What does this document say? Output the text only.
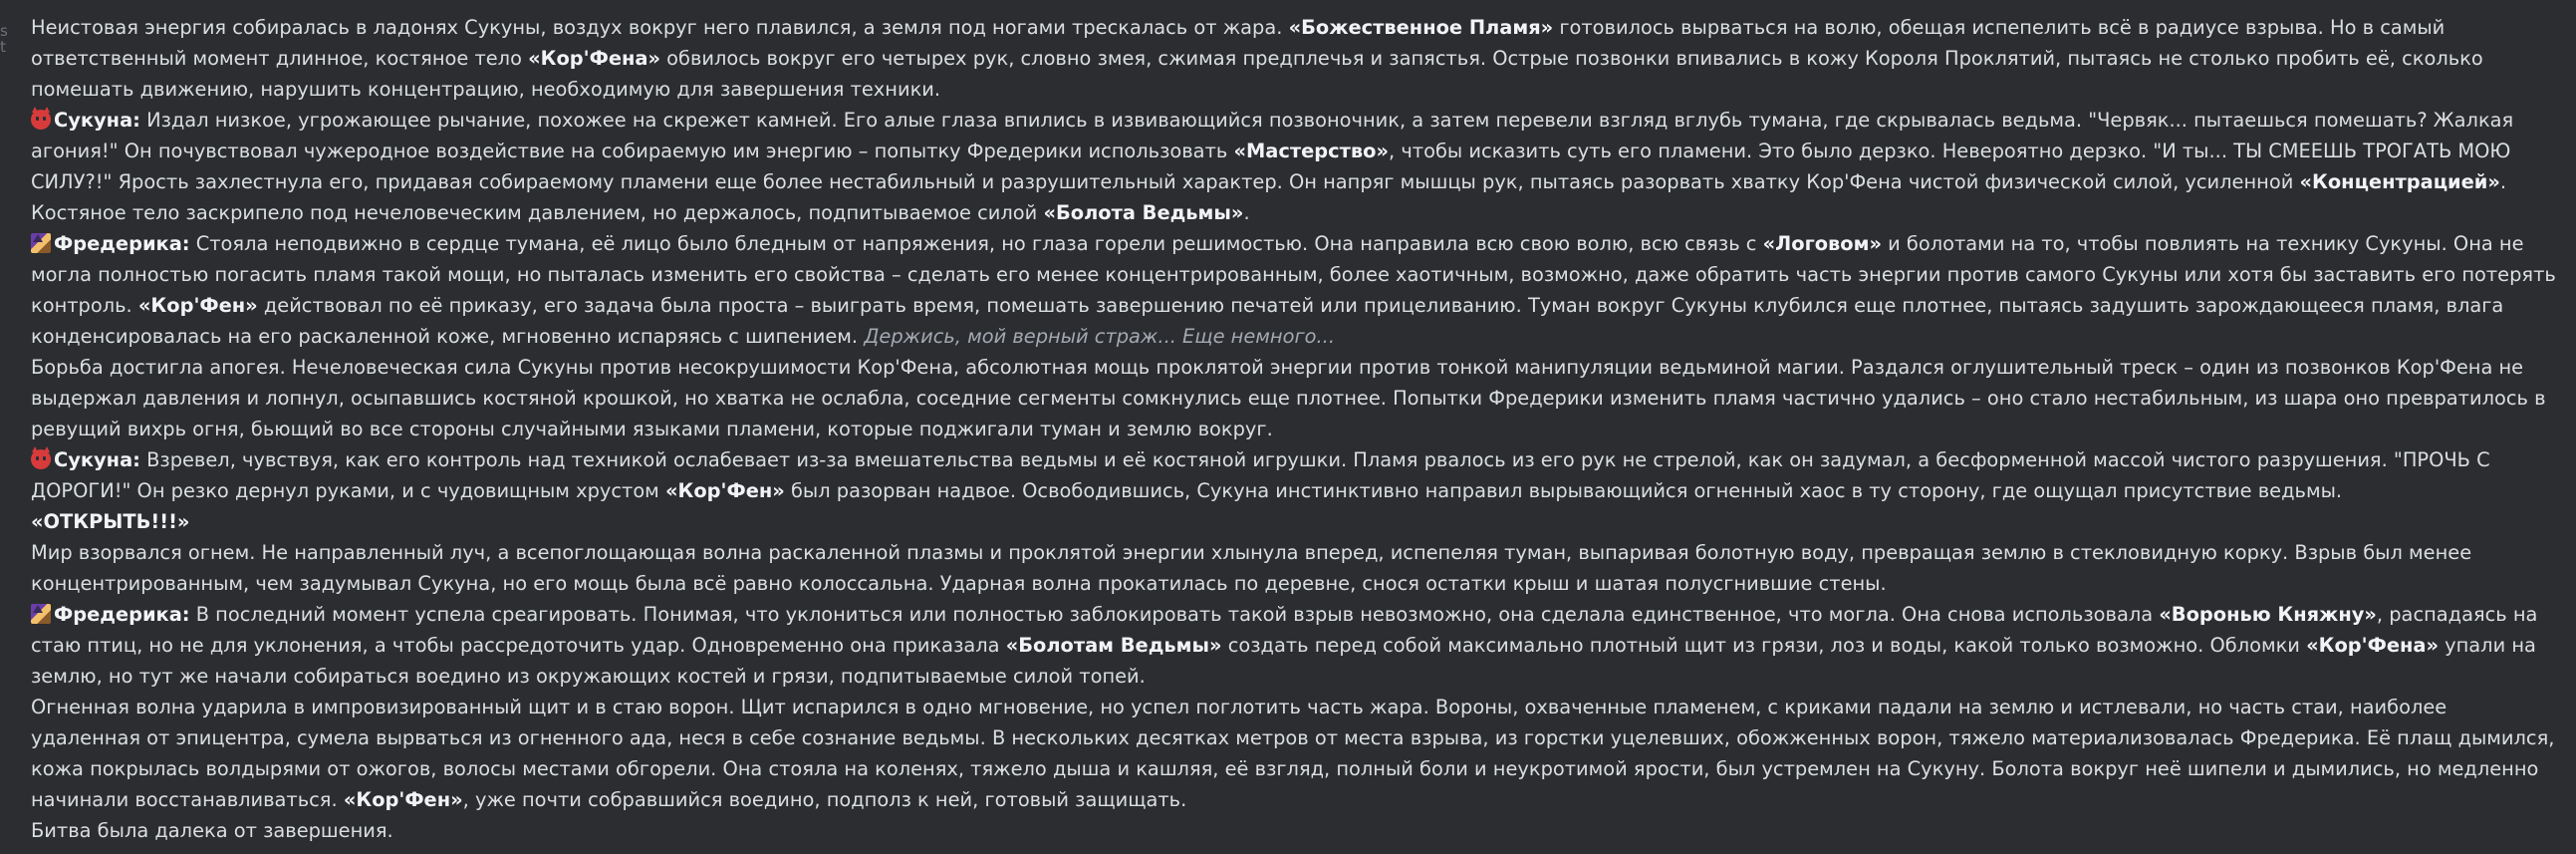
s
t

Неистовая энергия собиралась в ладонях Сукуны, воздух вокруг него плавился, а земля под ногами трескалась от жара. «Божественное Пламя» готовилось вырваться на волю, обещая испепелить всё в радиусе взрыва. Но в самый ответственный момент длинное, костяное тело «Кор'Фена» обвилось вокруг его четырех рук, словно змея, сжимая предплечья и запястья. Острые позвонки впивались в кожу Короля Проклятий, пытаясь не столько пробить её, сколько помешать движению, нарушить концентрацию, необходимую для завершения техники.

Сукуна: Издал низкое, угрожающее рычание, похожее на скрежет камней. Его алые глаза впились в извивающийся позвоночник, а затем перевели взгляд вглубь тумана, где скрывалась ведьма. "Червяк... пытаешься помешать? Жалкая агония!" Он почувствовал чужеродное воздействие на собираемую им энергию – попытку Фредерики использовать «Мастерство», чтобы исказить суть его пламени. Это было дерзко. Невероятно дерзко. "И ты... ТЫ СМЕЕШЬ ТРОГАТЬ МОЮ СИЛУ?!" Ярость захлестнула его, придавая собираемому пламени еще более нестабильный и разрушительный характер. Он напряг мышцы рук, пытаясь разорвать хватку Кор'Фена чистой физической силой, усиленной «Концентрацией». Костяное тело заскрипело под нечеловеческим давлением, но держалось, подпитываемое силой «Болота Ведьмы».

Фредерика: Стояла неподвижно в сердце тумана, её лицо было бледным от напряжения, но глаза горели решимостью. Она направила всю свою волю, всю связь с «Логовом» и болотами на то, чтобы повлиять на технику Сукуны. Она не могла полностью погасить пламя такой мощи, но пыталась изменить его свойства – сделать его менее концентрированным, более хаотичным, возможно, даже обратить часть энергии против самого Сукуны или хотя бы заставить его потерять контроль. «Кор'Фен» действовал по её приказу, его задача была проста – выиграть время, помешать завершению печатей или прицеливанию. Туман вокруг Сукуны клубился еще плотнее, пытаясь задушить зарождающееся пламя, влага конденсировалась на его раскаленной коже, мгновенно испаряясь с шипением. Держись, мой верный страж... Еще немного...

Борьба достигла апогея. Нечеловеческая сила Сукуны против несокрушимости Кор'Фена, абсолютная мощь проклятой энергии против тонкой манипуляции ведьминой магии. Раздался оглушительный треск – один из позвонков Кор'Фена не выдержал давления и лопнул, осыпавшись костяной крошкой, но хватка не ослабла, соседние сегменты сомкнулись еще плотнее. Попытки Фредерики изменить пламя частично удались – оно стало нестабильным, из шара оно превратилось в ревущий вихрь огня, бьющий во все стороны случайными языками пламени, которые поджигали туман и землю вокруг.

Сукуна: Взревел, чувствуя, как его контроль над техникой ослабевает из-за вмешательства ведьмы и её костяной игрушки. Пламя рвалось из его рук не стрелой, как он задумал, а бесформенной массой чистого разрушения. "ПРОЧЬ С ДОРОГИ!" Он резко дернул руками, и с чудовищным хрустом «Кор'Фен» был разорван надвое. Освободившись, Сукуна инстинктивно направил вырывающийся огненный хаос в ту сторону, где ощущал присутствие ведьмы.

«ОТКРЫТЬ!!!»

Мир взорвался огнем. Не направленный луч, а всепоглощающая волна раскаленной плазмы и проклятой энергии хлынула вперед, испепеляя туман, выпаривая болотную воду, превращая землю в стекловидную корку. Взрыв был менее концентрированным, чем задумывал Сукуна, но его мощь была всё равно колоссальна. Ударная волна прокатилась по деревне, снося остатки крыш и шатая полусгнившие стены.

Фредерика: В последний момент успела среагировать. Понимая, что уклониться или полностью заблокировать такой взрыв невозможно, она сделала единственное, что могла. Она снова использовала «Воронью Княжну», распадаясь на стаю птиц, но не для уклонения, а чтобы рассредоточить удар. Одновременно она приказала «Болотам Ведьмы» создать перед собой максимально плотный щит из грязи, лоз и воды, какой только возможно. Обломки «Кор'Фена» упали на землю, но тут же начали собираться воедино из окружающих костей и грязи, подпитываемые силой топей.

Огненная волна ударила в импровизированный щит и в стаю ворон. Щит испарился в одно мгновение, но успел поглотить часть жара. Вороны, охваченные пламенем, с криками падали на землю и истлевали, но часть стаи, наиболее удаленная от эпицентра, сумела вырваться из огненного ада, неся в себе сознание ведьмы. В нескольких десятках метров от места взрыва, из горстки уцелевших, обожженных ворон, тяжело материализовалась Фредерика. Её плащ дымился, кожа покрылась волдырями от ожогов, волосы местами обгорели. Она стояла на коленях, тяжело дыша и кашляя, её взгляд, полный боли и неукротимой ярости, был устремлен на Сукуну. Болота вокруг неё шипели и дымились, но медленно начинали восстанавливаться. «Кор'Фен», уже почти собравшийся воедино, подполз к ней, готовый защищать.

Битва была далека от завершения.
